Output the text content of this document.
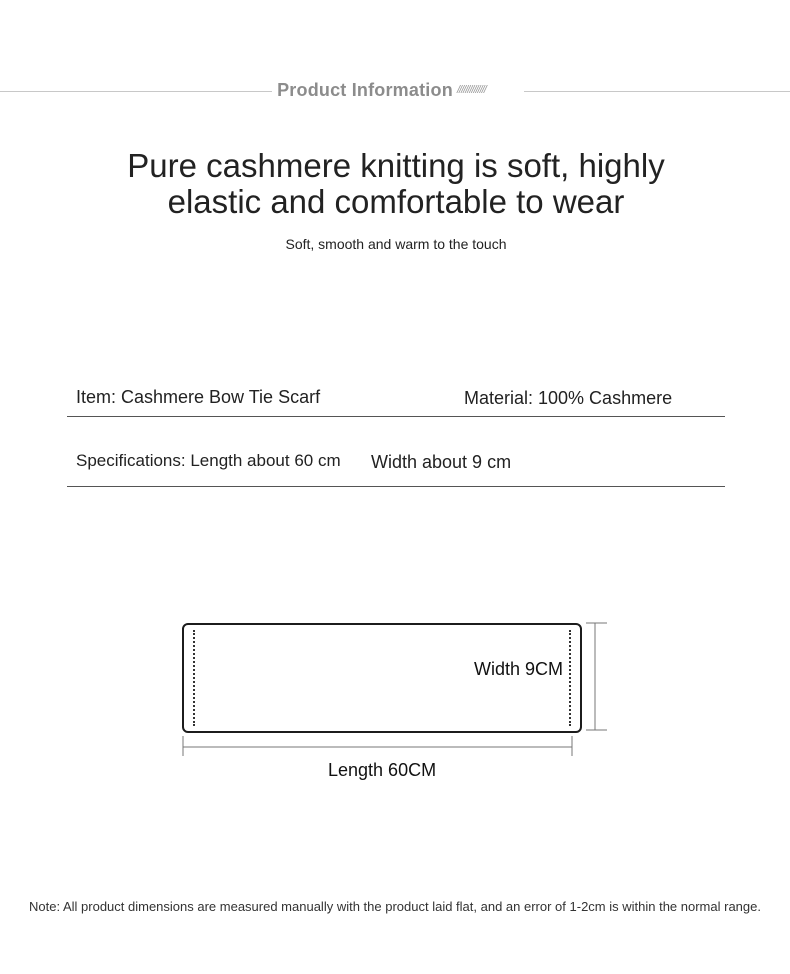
Product Information //////////////
Pure cashmere knitting is soft, highly
elastic and comfortable to wear
Soft, smooth and warm to the touch
Item: Cashmere Bow Tie Scarf	Material: 100% Cashmere
Specifications: Length about 60 cm Width about 9 cm
Width 9CM
Length 60CM
Note: All product dimensions are measured manually with the product laid flat, and an error of 1-2cm is within the normal range.
